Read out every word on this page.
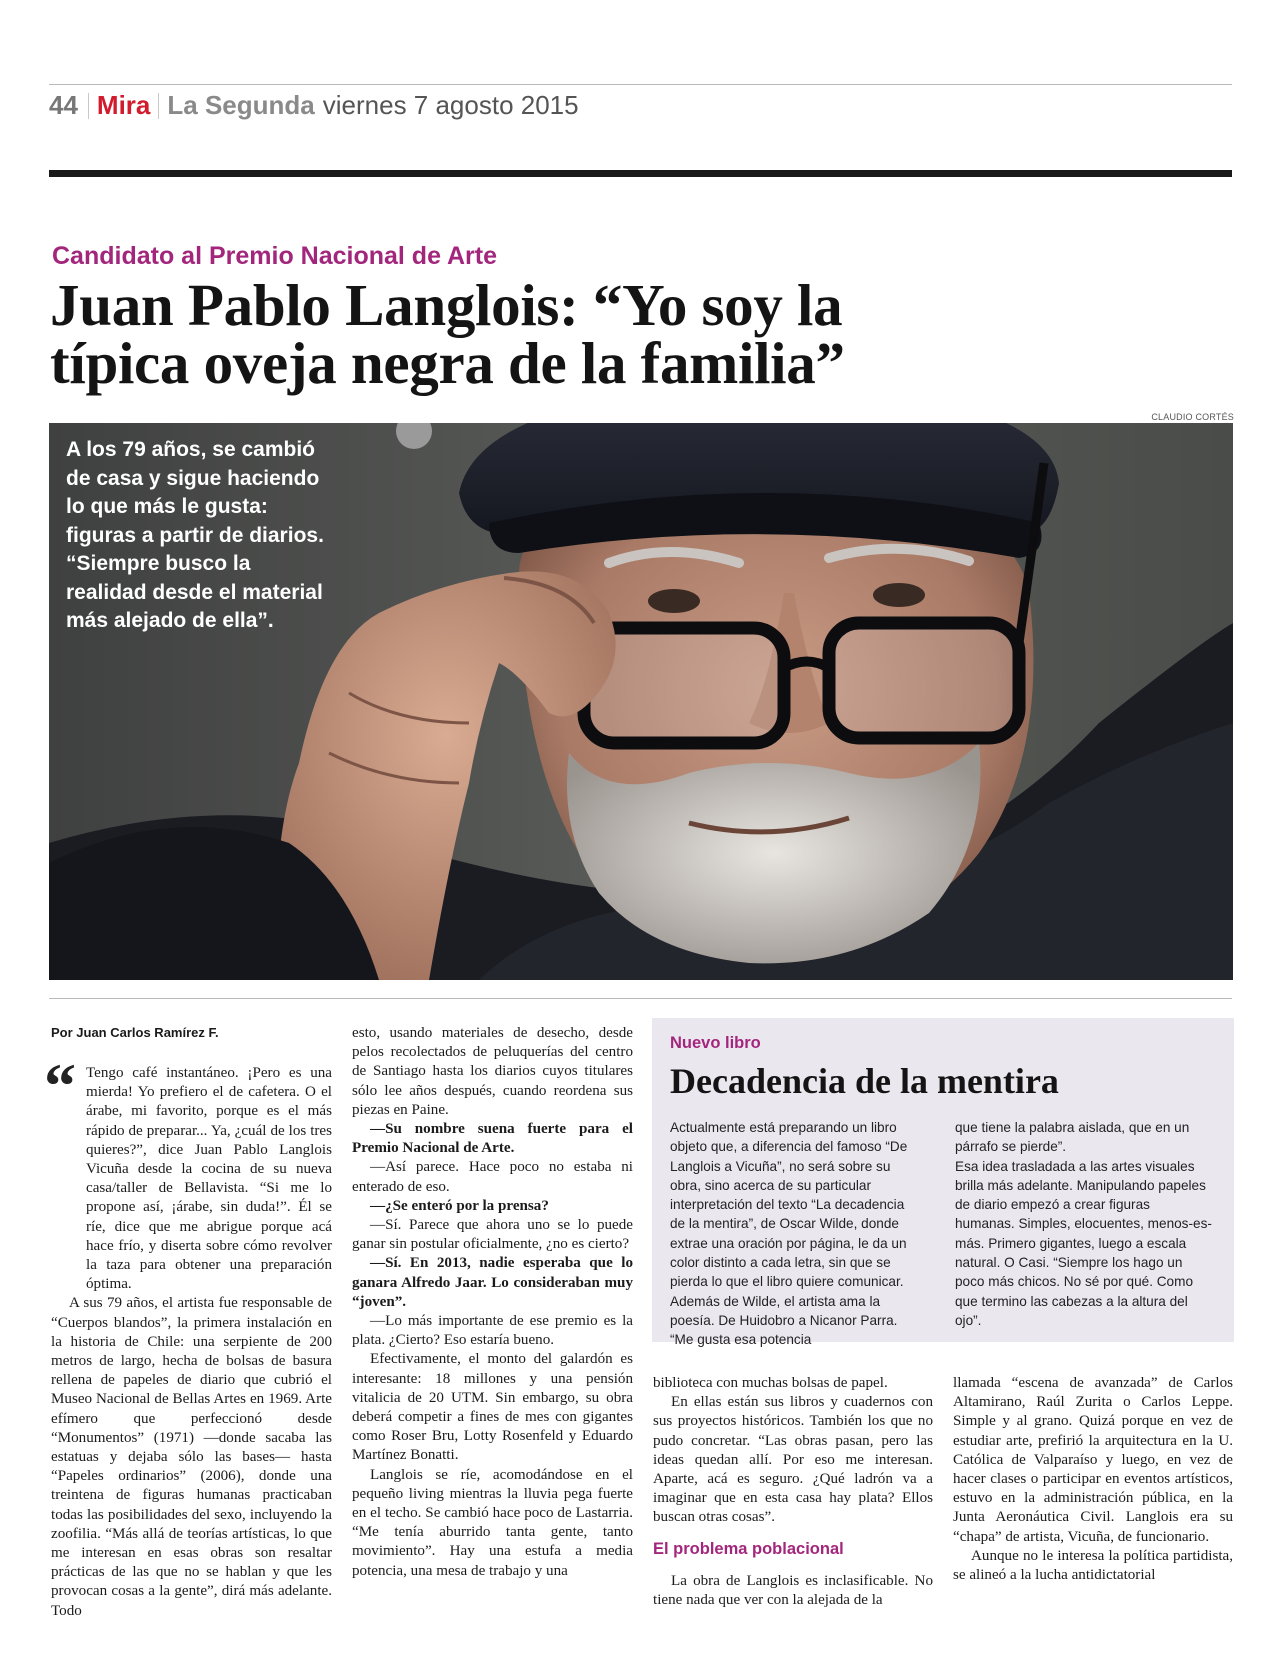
44 Mira La Segunda viernes 7 agosto 2015
Candidato al Premio Nacional de Arte
Juan Pablo Langlois: “Yo soy la
típica oveja negra de la familia”
CLAUDIO CORTÉS
A los 79 años, se cambió de casa y sigue haciendo lo que más le gusta: figuras a partir de diarios. “Siempre busco la realidad desde el material más alejado de ella”.
Por Juan Carlos Ramírez F.
“ Tengo café instantáneo. ¡Pero es una mierda! Yo prefiero el de cafetera. O el árabe, mi favorito, porque es el más rápido de preparar... Ya, ¿cuál de los tres quieres?”, dice Juan Pablo Langlois Vicuña desde la cocina de su nueva casa/taller de Bellavista. “Si me lo propone así, ¡árabe, sin duda!”. Él se ríe, dice que me abrigue porque acá hace frío, y diserta sobre cómo revolver la taza para obtener una preparación óptima.

A sus 79 años, el artista fue responsable de “Cuerpos blandos”, la primera instalación en la historia de Chile: una serpiente de 200 metros de largo, hecha de bolsas de basura rellena de papeles de diario que cubrió el Museo Nacional de Bellas Artes en 1969. Arte efímero que perfeccionó desde “Monumentos” (1971) —donde sacaba las estatuas y dejaba sólo las bases— hasta “Papeles ordinarios” (2006), donde una treintena de figuras humanas practicaban todas las posibilidades del sexo, incluyendo la zoofilia. “Más allá de teorías artísticas, lo que me interesan en esas obras son resaltar prácticas de las que no se hablan y que les provocan cosas a la gente”, dirá más adelante. Todo

esto, usando materiales de desecho, desde pelos recolectados de peluquerías del centro de Santiago hasta los diarios cuyos titulares sólo lee años después, cuando reordena sus piezas en Paine.

—Su nombre suena fuerte para el Premio Nacional de Arte.

—Así parece. Hace poco no estaba ni enterado de eso.

—¿Se enteró por la prensa?

—Sí. Parece que ahora uno se lo puede ganar sin postular oficialmente, ¿no es cierto?

—Sí. En 2013, nadie esperaba que lo ganara Alfredo Jaar. Lo consideraban muy “joven”.

—Lo más importante de ese premio es la plata. ¿Cierto? Eso estaría bueno.

Efectivamente, el monto del galardón es interesante: 18 millones y una pensión vitalicia de 20 UTM. Sin embargo, su obra deberá competir a fines de mes con gigantes como Roser Bru, Lotty Rosenfeld y Eduardo Martínez Bonatti.

Langlois se ríe, acomodándose en el pequeño living mientras la lluvia pega fuerte en el techo. Se cambió hace poco de Lastarria. “Me tenía aburrido tanta gente, tanto movimiento”. Hay una estufa a media potencia, una mesa de trabajo y una

Nuevo libro
Decadencia de la mentira
Actualmente está preparando un libro objeto que, a diferencia del famoso “De Langlois a Vicuña”, no será sobre su obra, sino acerca de su particular interpretación del texto “La decadencia de la mentira”, de Oscar Wilde, donde extrae una oración por página, le da un color distinto a cada letra, sin que se pierda lo que el libro quiere comunicar. Además de Wilde, el artista ama la poesía. De Huidobro a Nicanor Parra. “Me gusta esa potencia
que tiene la palabra aislada, que en un párrafo se pierde”.
Esa idea trasladada a las artes visuales brilla más adelante. Manipulando papeles de diario empezó a crear figuras humanas. Simples, elocuentes, menos-es-más. Primero gigantes, luego a escala natural. O Casi. “Siempre los hago un poco más chicos. No sé por qué. Como que termino las cabezas a la altura del ojo”.

biblioteca con muchas bolsas de papel.

En ellas están sus libros y cuadernos con sus proyectos históricos. También los que no pudo concretar. “Las obras pasan, pero las ideas quedan allí. Por eso me interesan. Aparte, acá es seguro. ¿Qué ladrón va a imaginar que en esta casa hay plata? Ellos buscan otras cosas”.

La obra de Langlois es inclasificable. No tiene nada que ver con la alejada de la

El problema poblacional

llamada “escena de avanzada” de Carlos Altamirano, Raúl Zurita o Carlos Leppe. Simple y al grano. Quizá porque en vez de estudiar arte, prefirió la arquitectura en la U. Católica de Valparaíso y luego, en vez de hacer clases o participar en eventos artísticos, estuvo en la administración pública, en la Junta Aeronáutica Civil. Langlois era su “chapa” de artista, Vicuña, de funcionario.

Aunque no le interesa la política partidista, se alineó a la lucha antidictatorial
